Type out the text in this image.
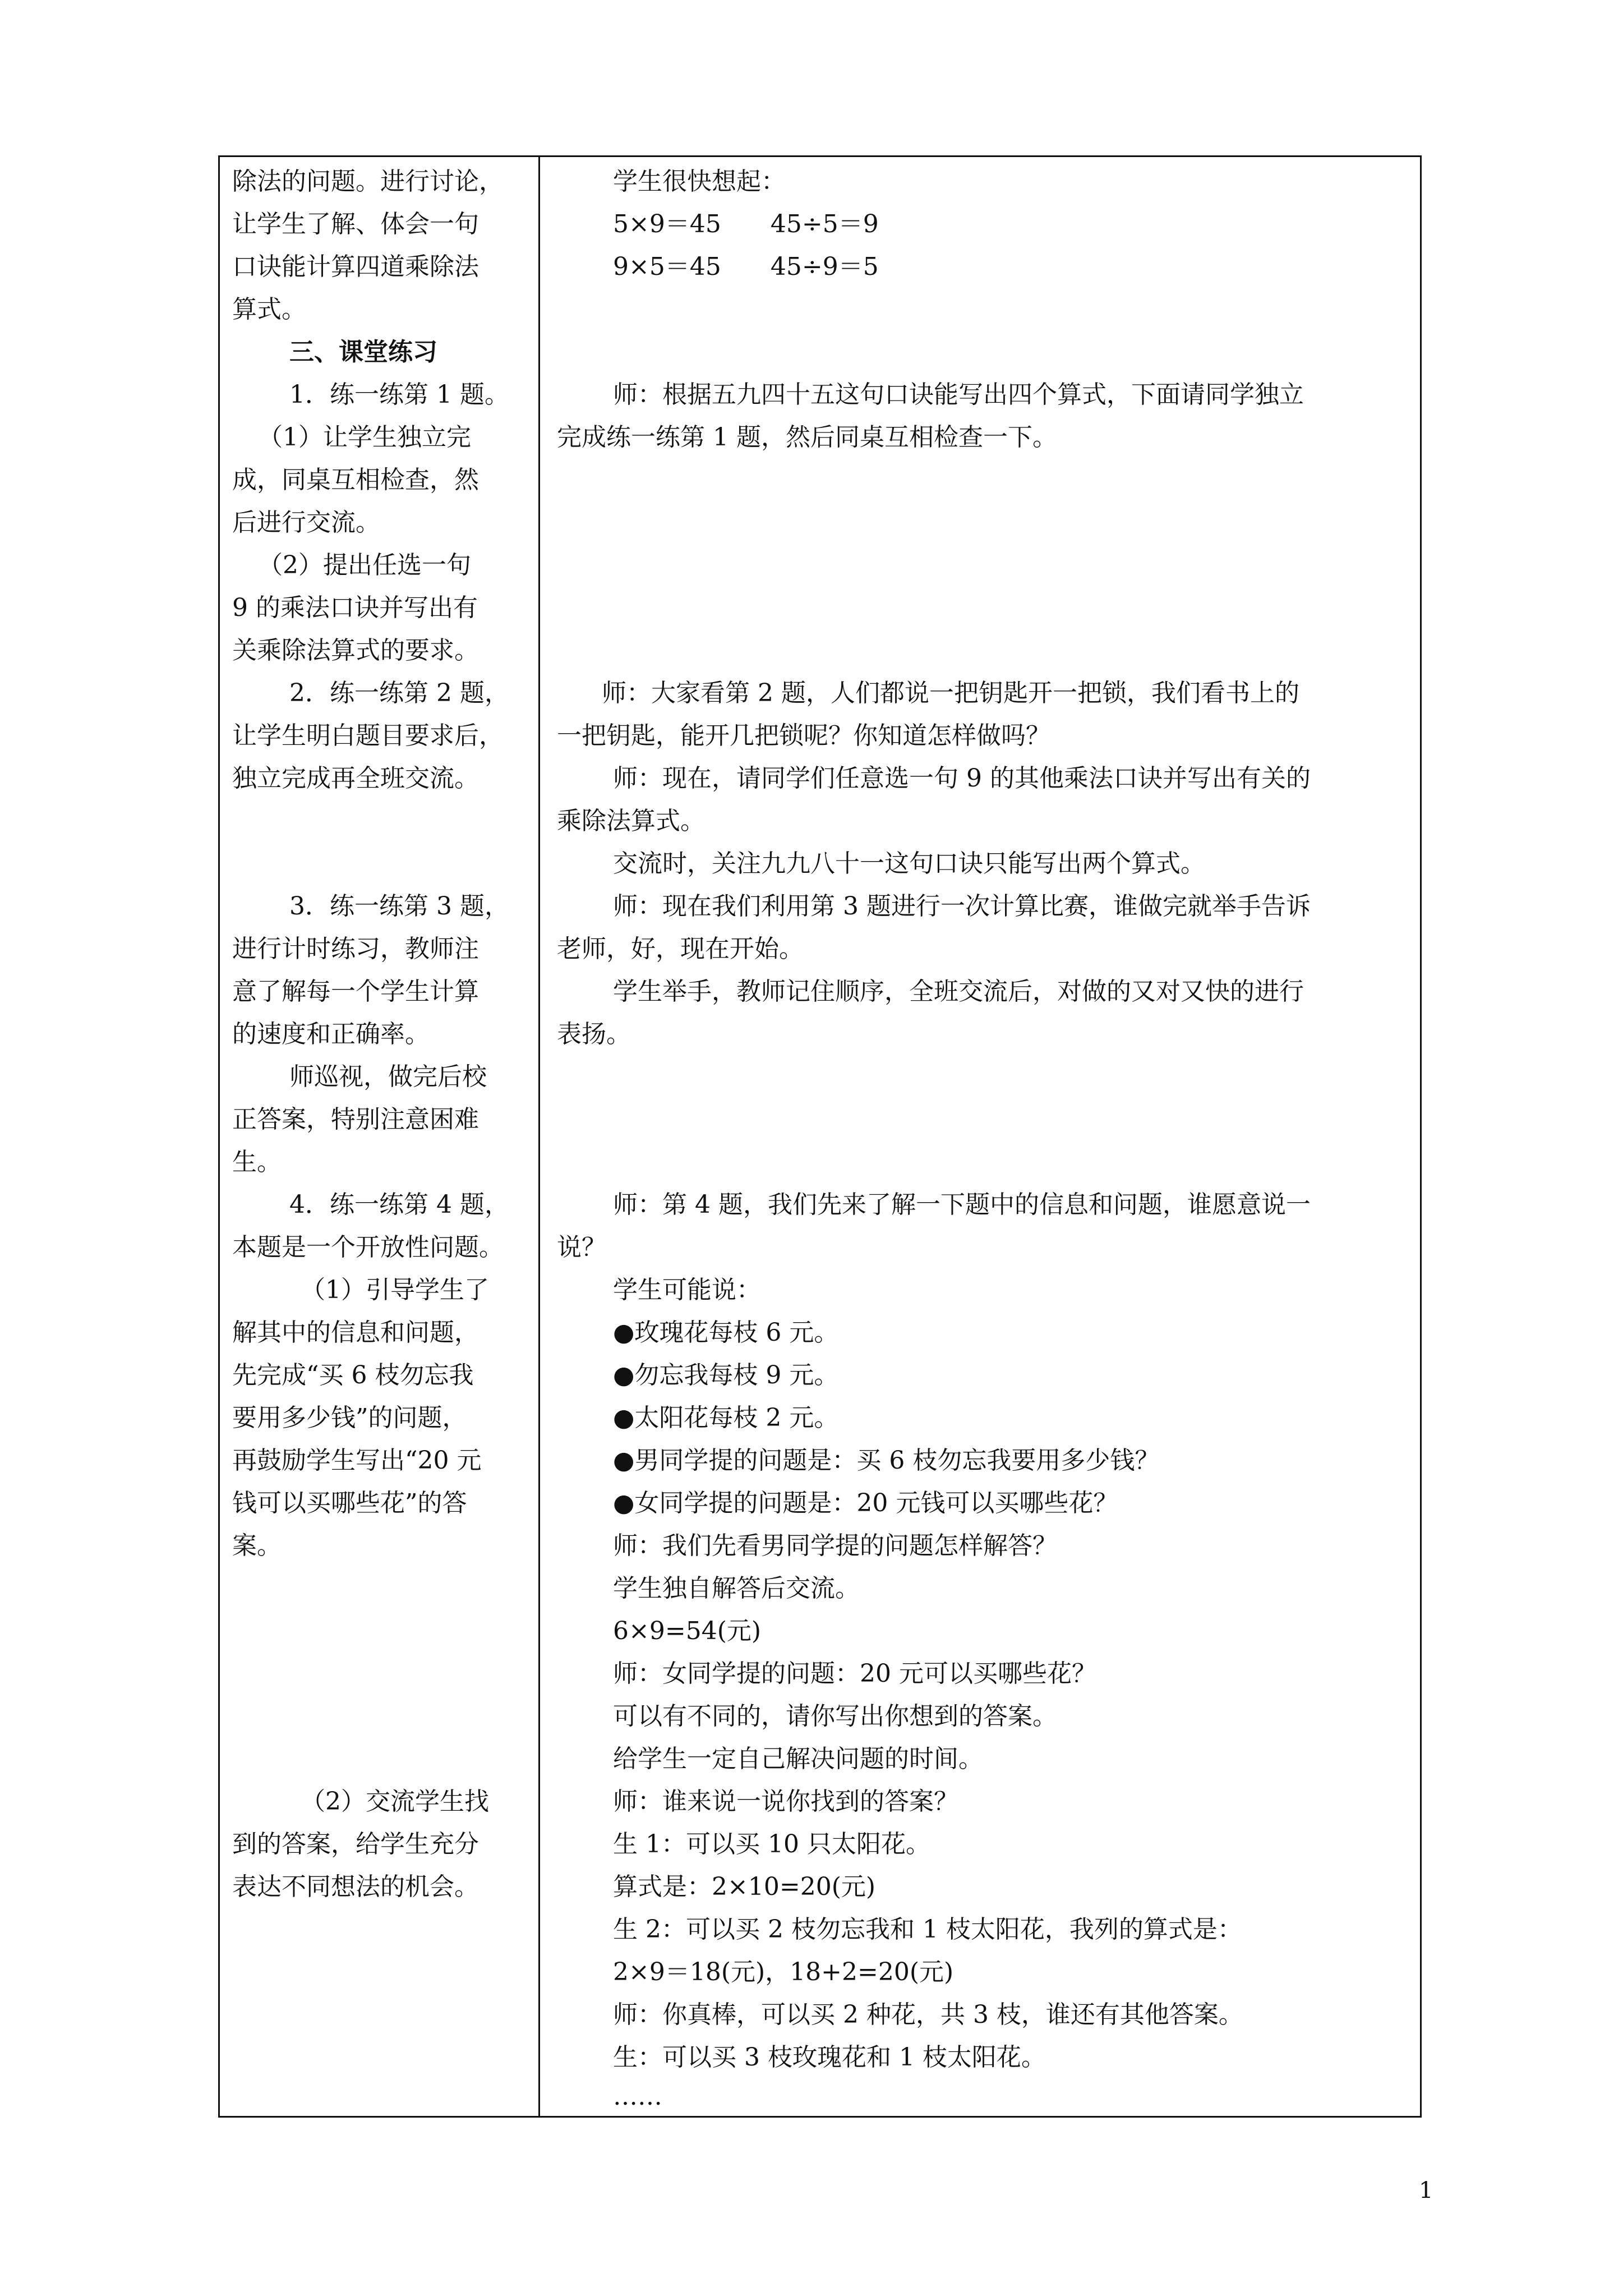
除法的问题。进行讨论，
让学生了解、体会一句
口诀能计算四道乘除法
算式。
三、课堂练习
1．练一练第 1 题。
（1）让学生独立完
成，同桌互相检查，然
后进行交流。
（2）提出任选一句
9 的乘法口诀并写出有
关乘除法算式的要求。
2．练一练第 2 题，
让学生明白题目要求后，
独立完成再全班交流。
3．练一练第 3 题，
进行计时练习，教师注
意了解每一个学生计算
的速度和正确率。
师巡视，做完后校
正答案，特别注意困难
生。
4．练一练第 4 题，
本题是一个开放性问题。
（1）引导学生了
解其中的信息和问题，
先完成“买 6 枝勿忘我
要用多少钱”的问题，
再鼓励学生写出“20 元
钱可以买哪些花”的答
案。
（2）交流学生找
到的答案，给学生充分
表达不同想法的机会。
学生很快想起：
5×9＝45　　45÷5＝9
9×5＝45　　45÷9＝5
师：根据五九四十五这句口诀能写出四个算式，下面请同学独立
完成练一练第 1 题，然后同桌互相检查一下。
师：大家看第 2 题，人们都说一把钥匙开一把锁，我们看书上的
一把钥匙，能开几把锁呢？你知道怎样做吗？
师：现在，请同学们任意选一句 9 的其他乘法口诀并写出有关的
乘除法算式。
交流时，关注九九八十一这句口诀只能写出两个算式。
师：现在我们利用第 3 题进行一次计算比赛，谁做完就举手告诉
老师，好，现在开始。
学生举手，教师记住顺序，全班交流后，对做的又对又快的进行
表扬。
师：第 4 题，我们先来了解一下题中的信息和问题，谁愿意说一
说？
学生可能说：
●玫瑰花每枝 6 元。
●勿忘我每枝 9 元。
●太阳花每枝 2 元。
●男同学提的问题是：买 6 枝勿忘我要用多少钱？
●女同学提的问题是：20 元钱可以买哪些花？
师：我们先看男同学提的问题怎样解答？
学生独自解答后交流。
6×9=54(元)
师：女同学提的问题：20 元可以买哪些花？
可以有不同的，请你写出你想到的答案。
给学生一定自己解决问题的时间。
师：谁来说一说你找到的答案？
生 1：可以买 10 只太阳花。
算式是：2×10=20(元)
生 2：可以买 2 枝勿忘我和 1 枝太阳花，我列的算式是：
2×9＝18(元)，18+2=20(元)
师：你真棒，可以买 2 种花，共 3 枝，谁还有其他答案。
生：可以买 3 枝玫瑰花和 1 枝太阳花。
……
1
